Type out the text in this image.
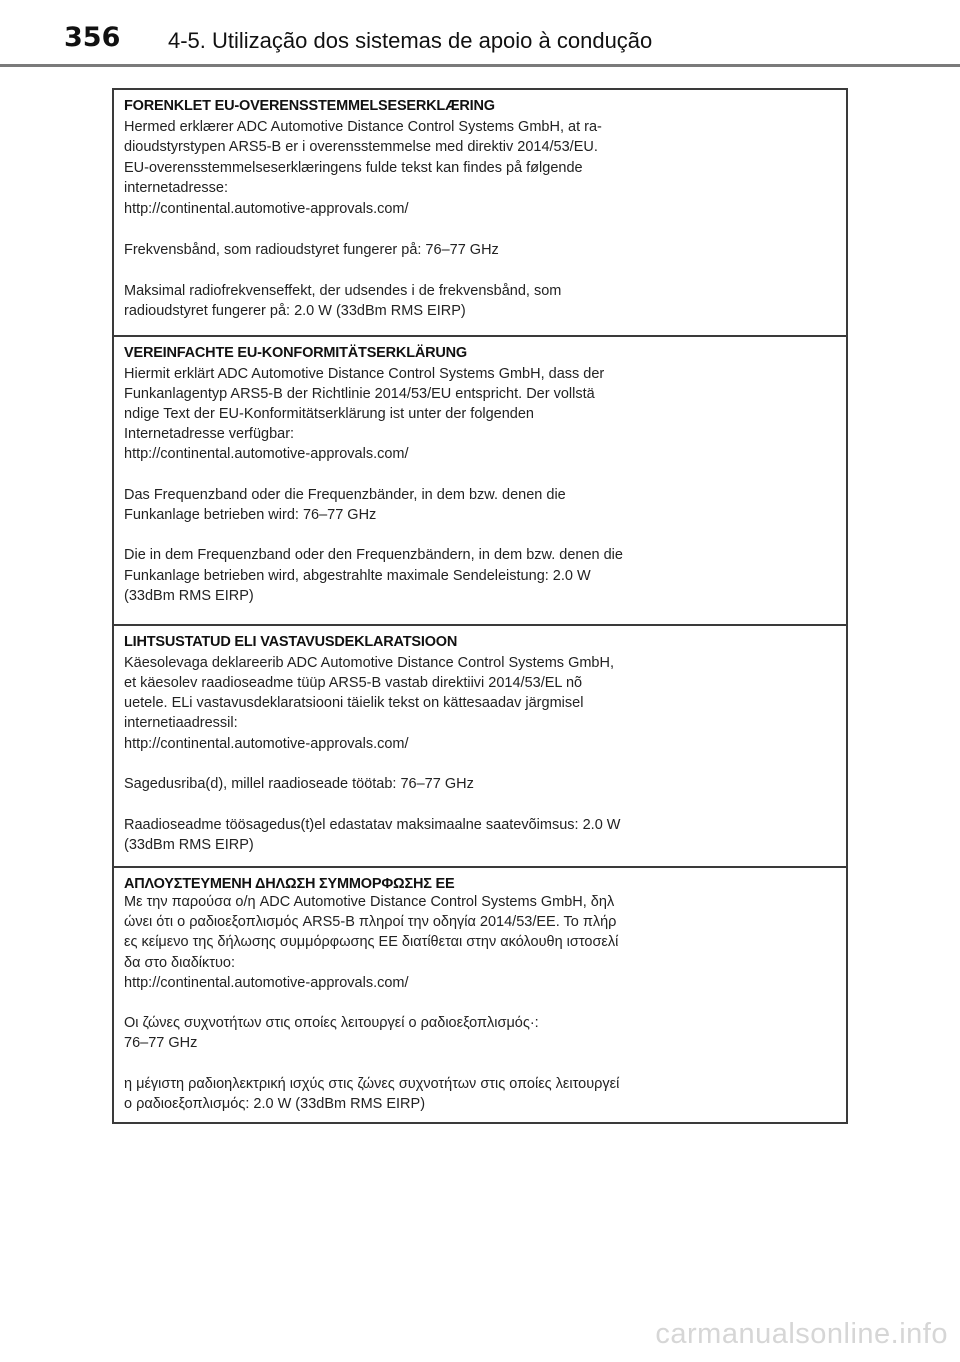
356 4-5. Utilização dos sistemas de apoio à condução
FORENKLET EU-OVERENSSTEMMELSESERKLÆRING
Hermed erklærer ADC Automotive Distance Control Systems GmbH, at ra-
dioudstyrstypen ARS5-B er i overensstemmelse med direktiv 2014/53/EU.
EU-overensstemmelseserklæringens fulde tekst kan findes på følgende
internetadresse:
http://continental.automotive-approvals.com/
Frekvensbånd, som radioudstyret fungerer på: 76–77 GHz
Maksimal radiofrekvenseffekt, der udsendes i de frekvensbånd, som
radioudstyret fungerer på: 2.0 W (33dBm RMS EIRP)
VEREINFACHTE EU-KONFORMITÄTSERKLÄRUNG
Hiermit erklärt ADC Automotive Distance Control Systems GmbH, dass der
Funkanlagentyp ARS5-B der Richtlinie 2014/53/EU entspricht. Der vollstä
ndige Text der EU-Konformitätserklärung ist unter der folgenden
Internetadresse verfügbar:
http://continental.automotive-approvals.com/
Das Frequenzband oder die Frequenzbänder, in dem bzw. denen die
Funkanlage betrieben wird: 76–77 GHz
Die in dem Frequenzband oder den Frequenzbändern, in dem bzw. denen die
Funkanlage betrieben wird, abgestrahlte maximale Sendeleistung: 2.0 W
(33dBm RMS EIRP)
LIHTSUSTATUD ELI VASTAVUSDEKLARATSIOON
Käesolevaga deklareerib ADC Automotive Distance Control Systems GmbH,
et käesolev raadioseadme tüüp ARS5-B vastab direktiivi 2014/53/EL nõ
uetele. ELi vastavusdeklaratsiooni täielik tekst on kättesaadav järgmisel
internetiaadressil:
http://continental.automotive-approvals.com/
Sagedusriba(d), millel raadioseade töötab: 76–77 GHz
Raadioseadme töösagedus(t)el edastatav maksimaalne saatevõimsus: 2.0 W
(33dBm RMS EIRP)
ΑΠΛΟΥΣΤΕΥΜΕΝΗ ΔΗΛΩΣΗ ΣΥΜΜΟΡΦΩΣΗΣ ΕΕ
Με την παρούσα ο/η ADC Automotive Distance Control Systems GmbH, δηλ
ώνει ότι ο ραδιοεξοπλισμός ARS5-B πληροί την οδηγία 2014/53/ΕΕ. Το πλήρ
ες κείμενο της δήλωσης συμμόρφωσης ΕΕ διατίθεται στην ακόλουθη ιστοσελί
δα στο διαδίκτυο:
http://continental.automotive-approvals.com/
Οι ζώνες συχνοτήτων στις οποίες λειτουργεί ο ραδιοεξοπλισμός·:
76–77 GHz
η μέγιστη ραδιοηλεκτρική ισχύς στις ζώνες συχνοτήτων στις οποίες λειτουργεί
ο ραδιοεξοπλισμός: 2.0 W (33dBm RMS EIRP)
carmanualsonline.info
